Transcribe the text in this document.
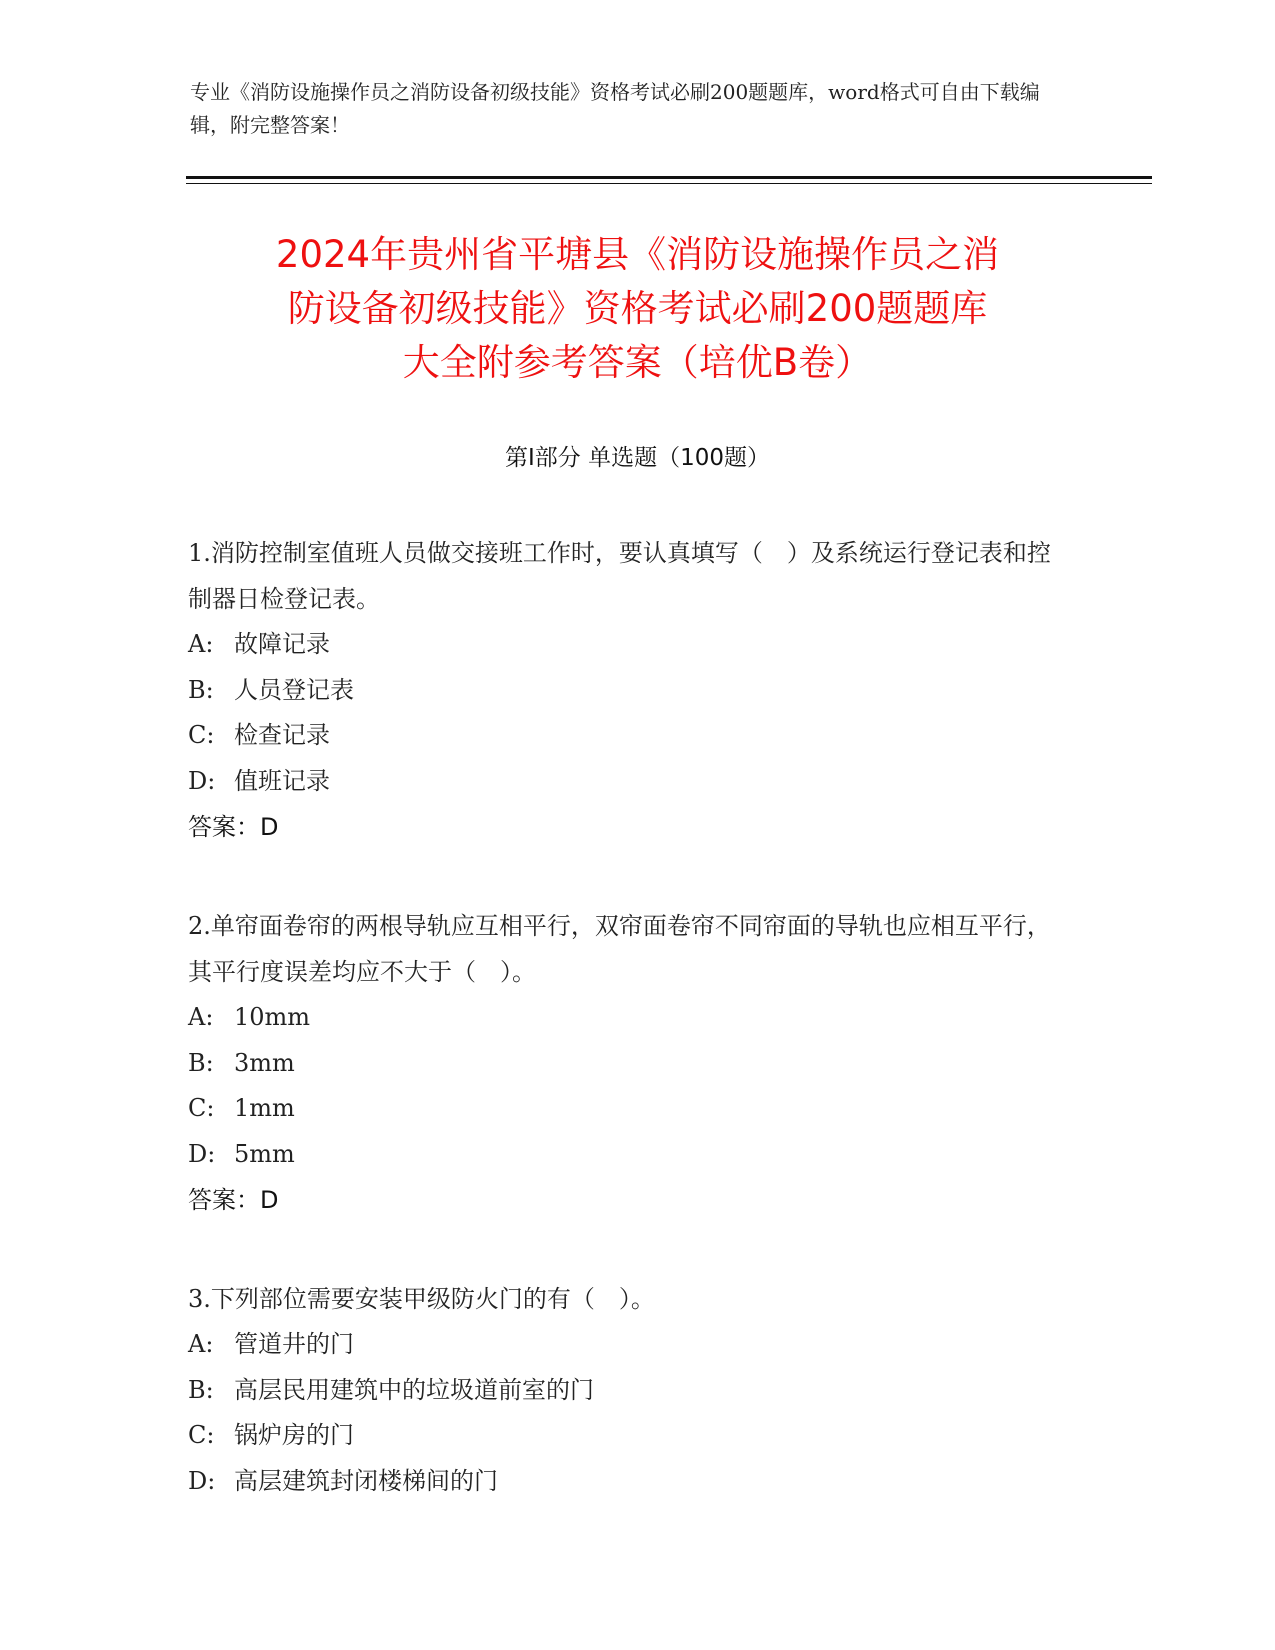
专业《消防设施操作员之消防设备初级技能》资格考试必刷200题题库，word格式可自由下载编辑，附完整答案！
2024年贵州省平塘县《消防设施操作员之消
防设备初级技能》资格考试必刷200题题库
大全附参考答案（培优B卷）
第Ⅰ部分 单选题（100题）

1.消防控制室值班人员做交接班工作时，要认真填写（　）及系统运行登记表和控制器日检登记表。

A: 故障记录

B: 人员登记表

C: 检查记录

D: 值班记录

答案：D

2.单帘面卷帘的两根导轨应互相平行，双帘面卷帘不同帘面的导轨也应相互平行，其平行度误差均应不大于（　）。

A: 10mm

B: 3mm

C: 1mm

D: 5mm

答案：D

3.下列部位需要安装甲级防火门的有（　）。

A: 管道井的门

B: 高层民用建筑中的垃圾道前室的门

C: 锅炉房的门

D: 高层建筑封闭楼梯间的门
